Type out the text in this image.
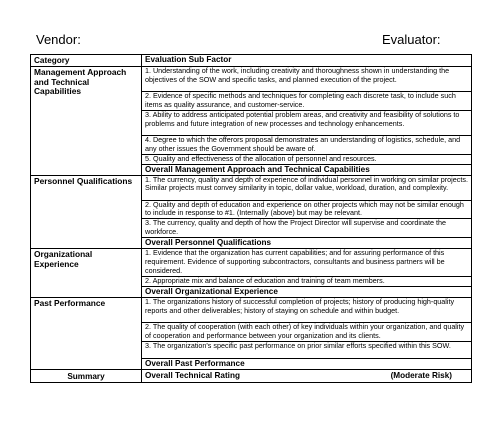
Vendor:	Evaluator:
Category	Evaluation Sub Factor
Management Approach and Technical Capabilities	1. Understanding of the work, including creativity and thoroughness shown in understanding the objectives of the SOW and specific tasks, and planned execution of the project.
	2. Evidence of specific methods and techniques for completing each discrete task, to include such items as quality assurance, and customer-service.
	3. Ability to address anticipated potential problem areas, and creativity and feasibility of solutions to problems and future integration of new processes and technology enhancements.
	4. Degree to which the offerors proposal demonstrates an understanding of logistics, schedule, and any other issues the Government should be aware of.
	5. Quality and effectiveness of the allocation of personnel and resources.
	Overall Management Approach and Technical Capabilities
Personnel Qualifications	1. The currency, quality and depth of experience of individual personnel in working on similar projects. Similar projects must convey similarity in topic, dollar value, workload, duration, and complexity.
	2. Quality and depth of education and experience on other projects which may not be similar enough to include in response to #1. (Internally (above) but may be relevant.
	3. The currency, quality and depth of how the Project Director will supervise and coordinate the workforce.
	Overall Personnel Qualifications
Organizational Experience	1. Evidence that the organization has current capabilities; and for assuring performance of this requirement. Evidence of supporting subcontractors, consultants and business partners will be considered.
	2. Appropriate mix and balance of education and training of team members.
	Overall Organizational Experience
Past Performance	1. The organizations history of successful completion of projects; history of producing high-quality reports and other deliverables; history of staying on schedule and within budget.
	2. The quality of cooperation (with each other) of key individuals within your organization, and quality of cooperation and performance between your organization and its clients.
	3. The organization's specific past performance on prior similar efforts specified within this SOW.
	Overall Past Performance
Summary	Overall Technical Rating (Moderate Risk)
